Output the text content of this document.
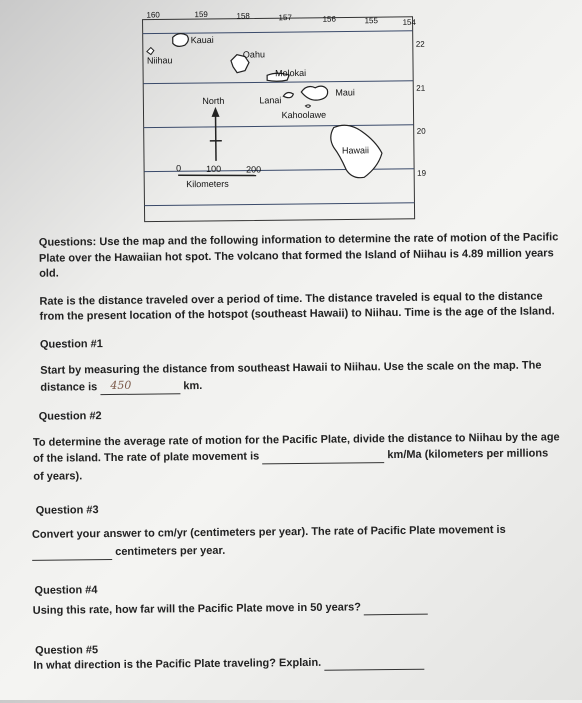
160	159	158	157	156	155	154
22
21
20
19
Kauai
Niihau
Oahu
Molokai
Maui
Lanai
Kahoolawe
Hawaii
North
0	100	200
Kilometers
Questions: Use the map and the following information to determine the rate of motion of the Pacific
Plate over the Hawaiian hot spot. The volcano that formed the Island of Niihau is 4.89 million years
old.
Rate is the distance traveled over a period of time. The distance traveled is equal to the distance
from the present location of the hotspot (southeast Hawaii) to Niihau. Time is the age of the Island.
Question #1
Start by measuring the distance from southeast Hawaii to Niihau. Use the scale on the map. The
distance is 450	km.
Question #2
To determine the average rate of motion for the Pacific Plate, divide the distance to Niihau by the age
of the island. The rate of plate movement is	km/Ma (kilometers per millions
of years).
Question #3
Convert your answer to cm/yr (centimeters per year). The rate of Pacific Plate movement is
centimeters per year.
Question #4
Using this rate, how far will the Pacific Plate move in 50 years?
Question #5
In what direction is the Pacific Plate traveling? Explain.
